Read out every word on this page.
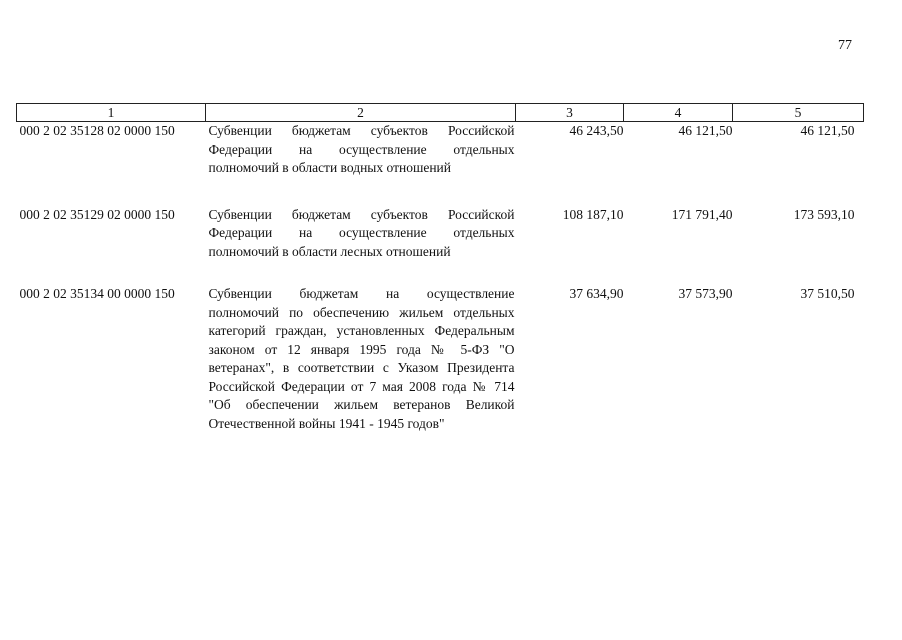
77
1	2	3	4	5
000 2 02 35128 02 0000 150	Субвенции бюджетам субъектов Российской Федерации на осуществление отдельных полномочий в области водных отношений	46 243,50	46 121,50	46 121,50
000 2 02 35129 02 0000 150	Субвенции бюджетам субъектов Российской Федерации на осуществление отдельных полномочий в области лесных отношений	108 187,10	171 791,40	173 593,10
000 2 02 35134 00 0000 150	Субвенции бюджетам на осуществление полномочий по обеспечению жильем отдельных категорий граждан, установленных Федеральным законом от 12 января 1995 года № 5-ФЗ "О ветеранах", в соответствии с Указом Президента Российской Федерации от 7 мая 2008 года № 714 "Об обеспечении жильем ветеранов Великой Отечественной войны 1941 - 1945 годов"	37 634,90	37 573,90	37 510,50
